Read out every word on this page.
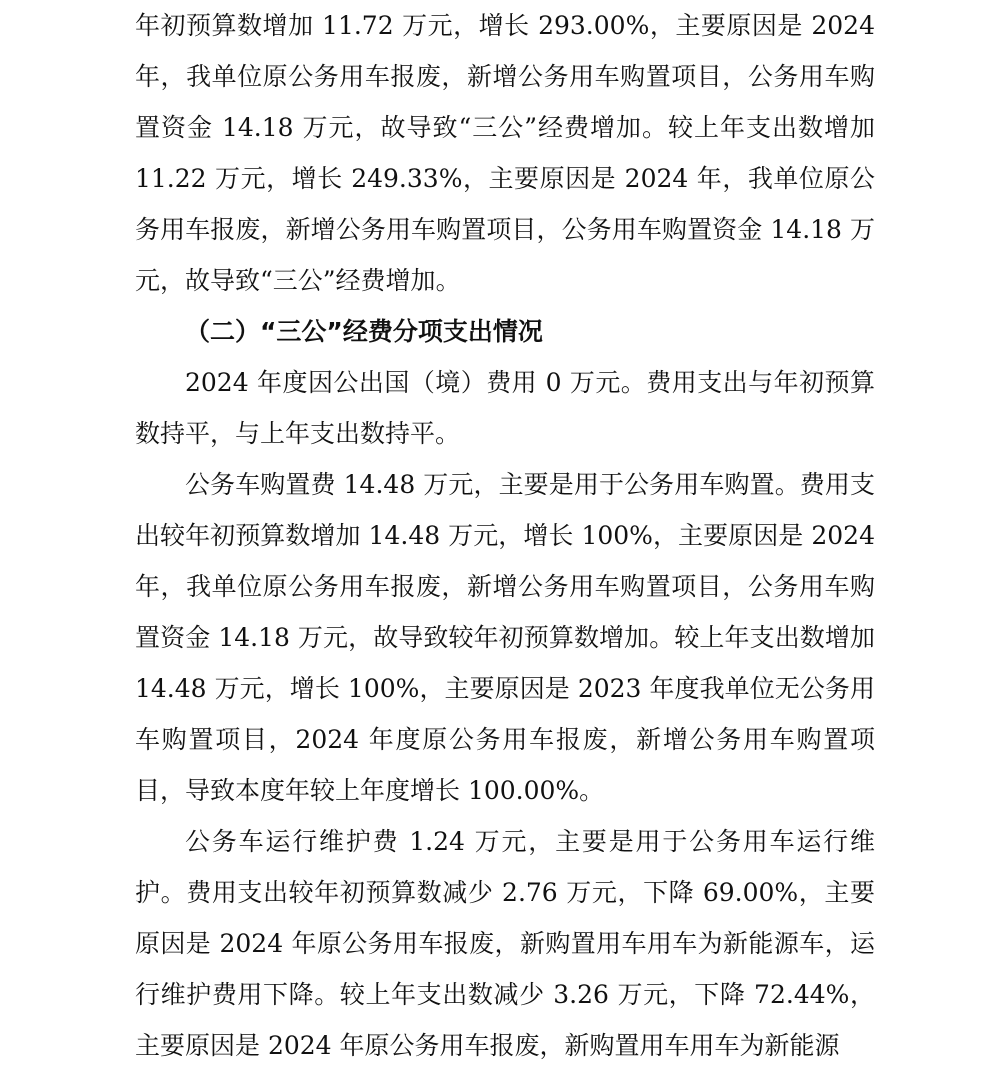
年初预算数增加 11.72 万元，增长 293.00%，主要原因是 2024 年，我单位原公务用车报废，新增公务用车购置项目，公务用车购置资金 14.18 万元，故导致“三公”经费增加。较上年支出数增加 11.22 万元，增长 249.33%，主要原因是 2024 年，我单位原公务用车报废，新增公务用车购置项目，公务用车购置资金 14.18 万元，故导致“三公”经费增加。

（二）“三公”经费分项支出情况

2024 年度因公出国（境）费用 0 万元。费用支出与年初预算数持平，与上年支出数持平。

公务车购置费 14.48 万元，主要是用于公务用车购置。费用支出较年初预算数增加 14.48 万元，增长 100%，主要原因是 2024 年，我单位原公务用车报废，新增公务用车购置项目，公务用车购置资金 14.18 万元，故导致较年初预算数增加。较上年支出数增加 14.48 万元，增长 100%，主要原因是 2023 年度我单位无公务用车购置项目，2024 年度原公务用车报废，新增公务用车购置项目，导致本度年较上年度增长 100.00%。

公务车运行维护费 1.24 万元，主要是用于公务用车运行维护。费用支出较年初预算数减少 2.76 万元，下降 69.00%，主要原因是 2024 年原公务用车报废，新购置用车用车为新能源车，运行维护费用下降。较上年支出数减少 3.26 万元，下降 72.44%，主要原因是 2024 年原公务用车报废，新购置用车用车为新能源
